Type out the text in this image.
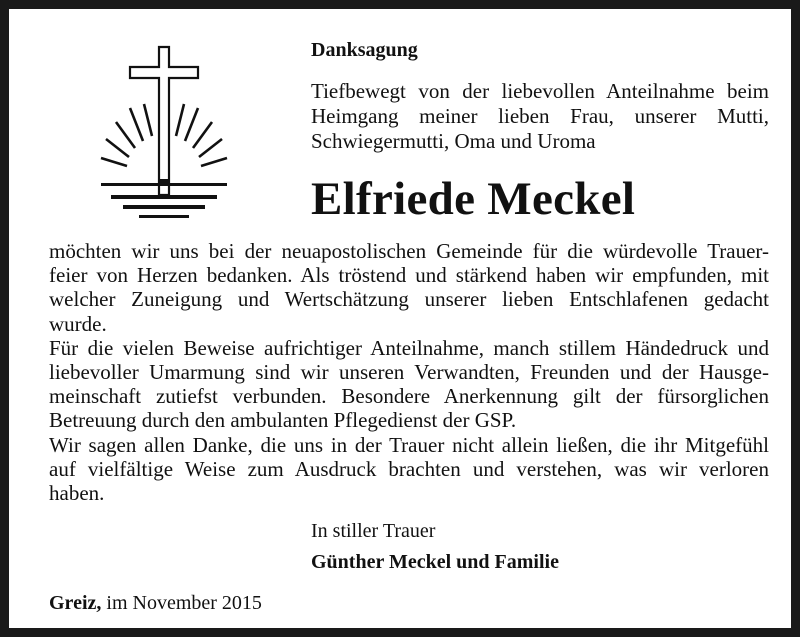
Danksagung
Tiefbewegt von der liebevollen Anteilnahme beim
Heimgang meiner lieben Frau, unserer Mutti,
Schwiegermutti, Oma und Uroma
Elfriede Meckel
möchten wir uns bei der neuapostolischen Gemeinde für die würdevolle Trauer-
feier von Herzen bedanken. Als tröstend und stärkend haben wir empfunden, mit
welcher Zuneigung und Wertschätzung unserer lieben Entschlafenen gedacht
wurde.
Für die vielen Beweise aufrichtiger Anteilnahme, manch stillem Händedruck und
liebevoller Umarmung sind wir unseren Verwandten, Freunden und der Hausge-
meinschaft zutiefst verbunden. Besondere Anerkennung gilt der fürsorglichen
Betreuung durch den ambulanten Pflegedienst der GSP.
Wir sagen allen Danke, die uns in der Trauer nicht allein ließen, die ihr Mitgefühl
auf vielfältige Weise zum Ausdruck brachten und verstehen, was wir verloren
haben.
In stiller Trauer
Günther Meckel und Familie
Greiz, im November 2015
